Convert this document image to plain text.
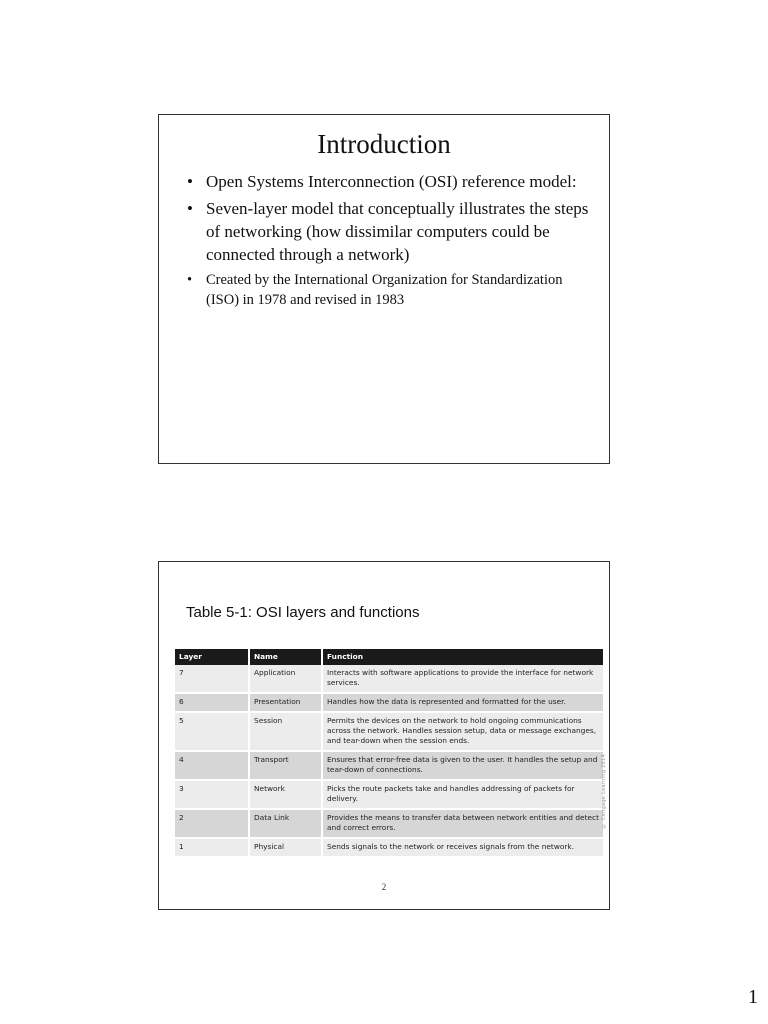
Introduction
• Open Systems Interconnection (OSI) reference model:
• Seven-layer model that conceptually illustrates the steps of networking (how dissimilar computers could be connected through a network)
• Created by the International Organization for Standardization (ISO) in 1978 and revised in 1983
Table 5-1: OSI layers and functions
Layer	Name	Function
7	Application	Interacts with software applications to provide the interface for network services.
6	Presentation	Handles how the data is represented and formatted for the user.
5	Session	Permits the devices on the network to hold ongoing communications across the network. Handles session setup, data or message exchanges, and tear-down when the session ends.
4	Transport	Ensures that error-free data is given to the user. It handles the setup and tear-down of connections.
3	Network	Picks the route packets take and handles addressing of packets for delivery.
2	Data Link	Provides the means to transfer data between network entities and detect and correct errors.
1	Physical	Sends signals to the network or receives signals from the network.
© Cengage Learning 2014
2
1
